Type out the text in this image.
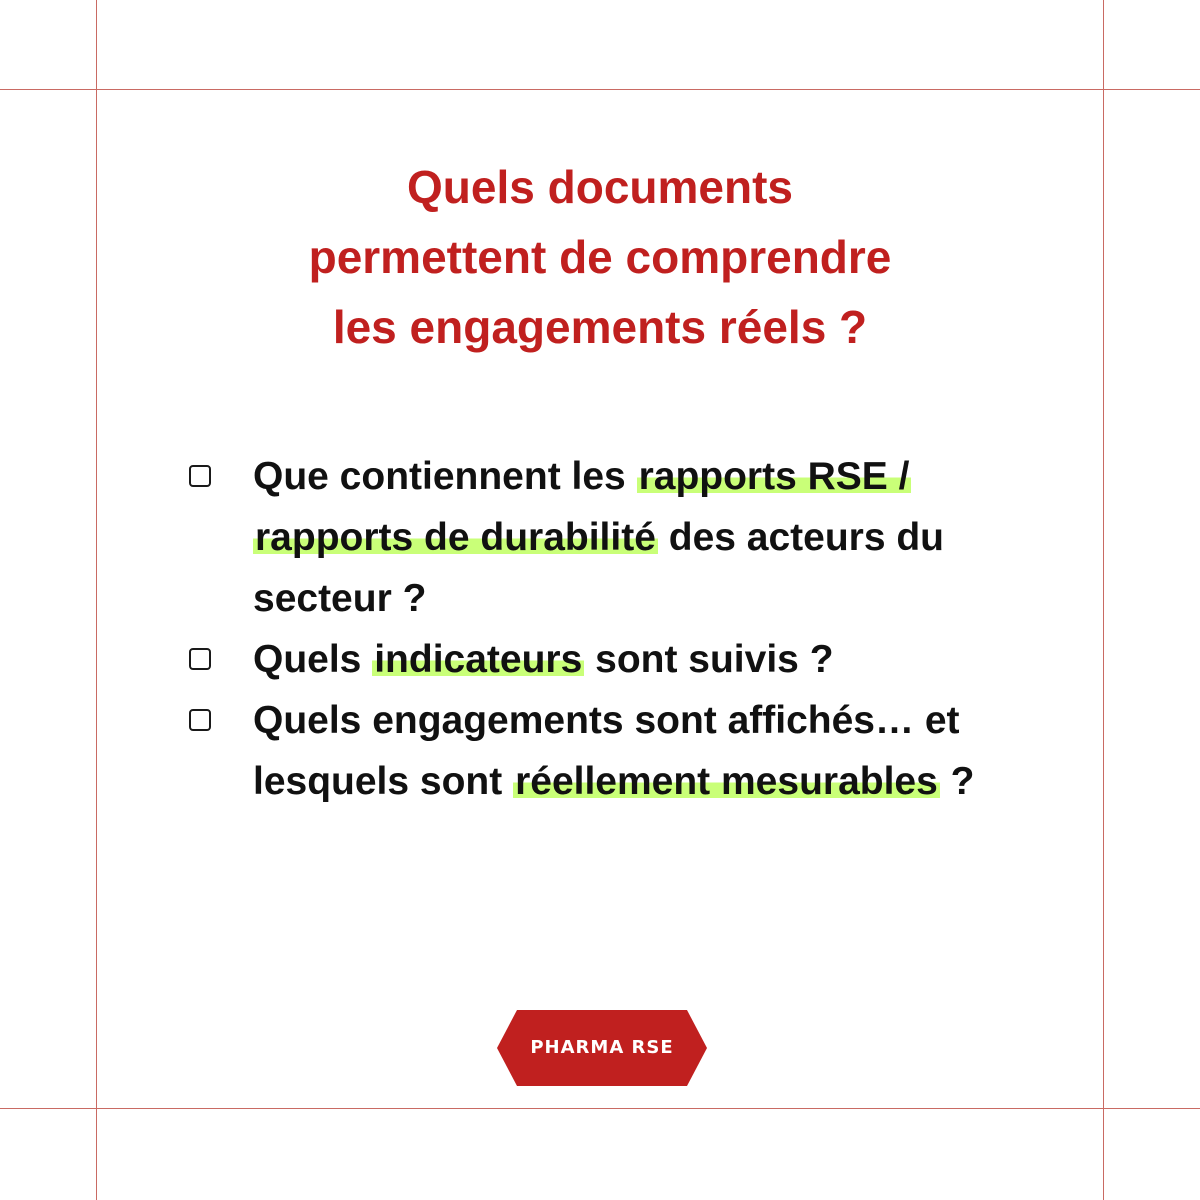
Quels documents
permettent de comprendre
les engagements réels ?
Que contiennent les rapports RSE / rapports de durabilité des acteurs du secteur ?
Quels indicateurs sont suivis ?
Quels engagements sont affichés… et lesquels sont réellement mesurables ?
PHARMA RSE
